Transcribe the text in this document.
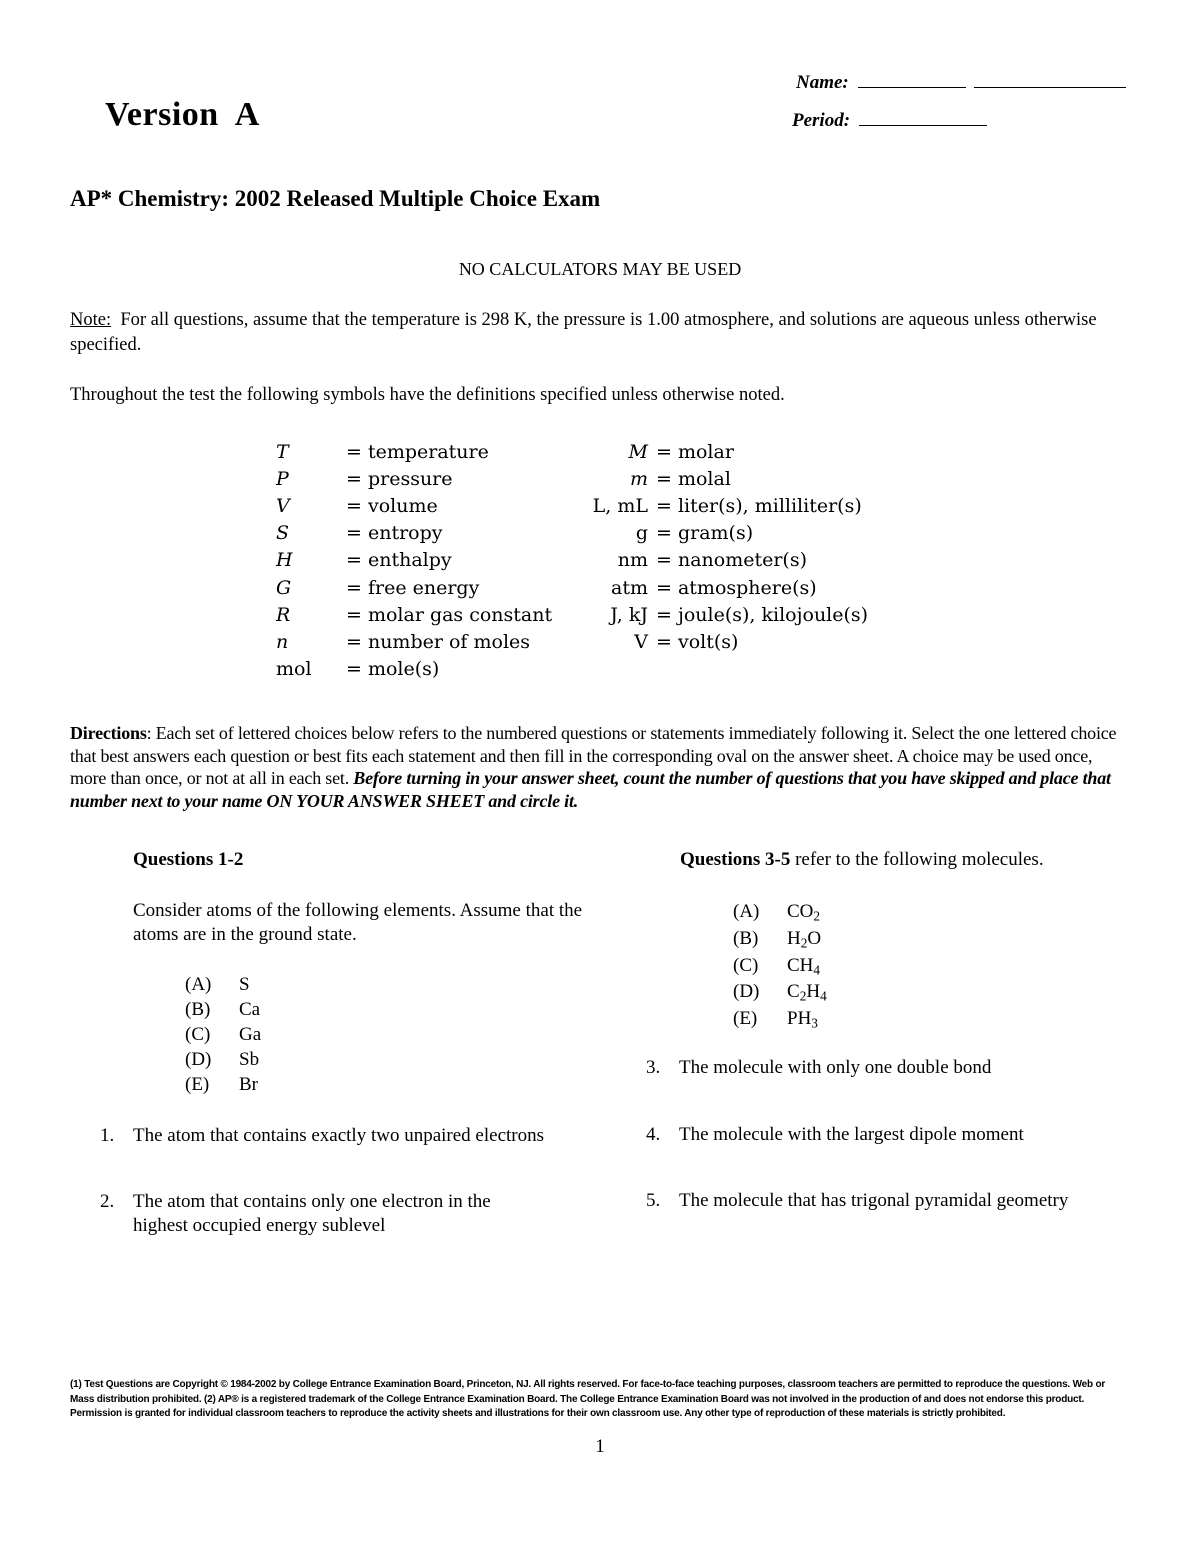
Version A
Name:
Period:
AP* Chemistry: 2002 Released Multiple Choice Exam
NO CALCULATORS MAY BE USED
Note: For all questions, assume that the temperature is 298 K, the pressure is 1.00 atmosphere, and solutions are aqueous unless otherwise specified.
Throughout the test the following symbols have the definitions specified unless otherwise noted.
T	= temperature	M	= molar
P	= pressure	m	= molal
V	= volume	L, mL	= liter(s), milliliter(s)
S	= entropy	g	= gram(s)
H	= enthalpy	nm	= nanometer(s)
G	= free energy	atm	= atmosphere(s)
R	= molar gas constant	J, kJ	= joule(s), kilojoule(s)
n	= number of moles	V	= volt(s)
mol	= mole(s)		
Directions: Each set of lettered choices below refers to the numbered questions or statements immediately following it. Select the one lettered choice that best answers each question or best fits each statement and then fill in the corresponding oval on the answer sheet. A choice may be used once, more than once, or not at all in each set. Before turning in your answer sheet, count the number of questions that you have skipped and place that number next to your name ON YOUR ANSWER SHEET and circle it.
Questions 1-2
Consider atoms of the following elements. Assume that the atoms are in the ground state.
(A) S
(B) Ca
(C) Ga
(D) Sb
(E) Br
1. The atom that contains exactly two unpaired electrons
2. The atom that contains only one electron in the highest occupied energy sublevel
Questions 3-5 refer to the following molecules.
(A) $CO_2$
(B) $H_2O$
(C) $CH_4$
(D) $C_2H_4$
(E) $PH_3$
3. The molecule with only one double bond
4. The molecule with the largest dipole moment
5. The molecule that has trigonal pyramidal geometry
(1) Test Questions are Copyright © 1984-2002 by College Entrance Examination Board, Princeton, NJ. All rights reserved. For face-to-face teaching purposes, classroom teachers are permitted to reproduce the questions. Web or Mass distribution prohibited. (2) AP® is a registered trademark of the College Entrance Examination Board. The College Entrance Examination Board was not involved in the production of and does not endorse this product. Permission is granted for individual classroom teachers to reproduce the activity sheets and illustrations for their own classroom use. Any other type of reproduction of these materials is strictly prohibited.
1
